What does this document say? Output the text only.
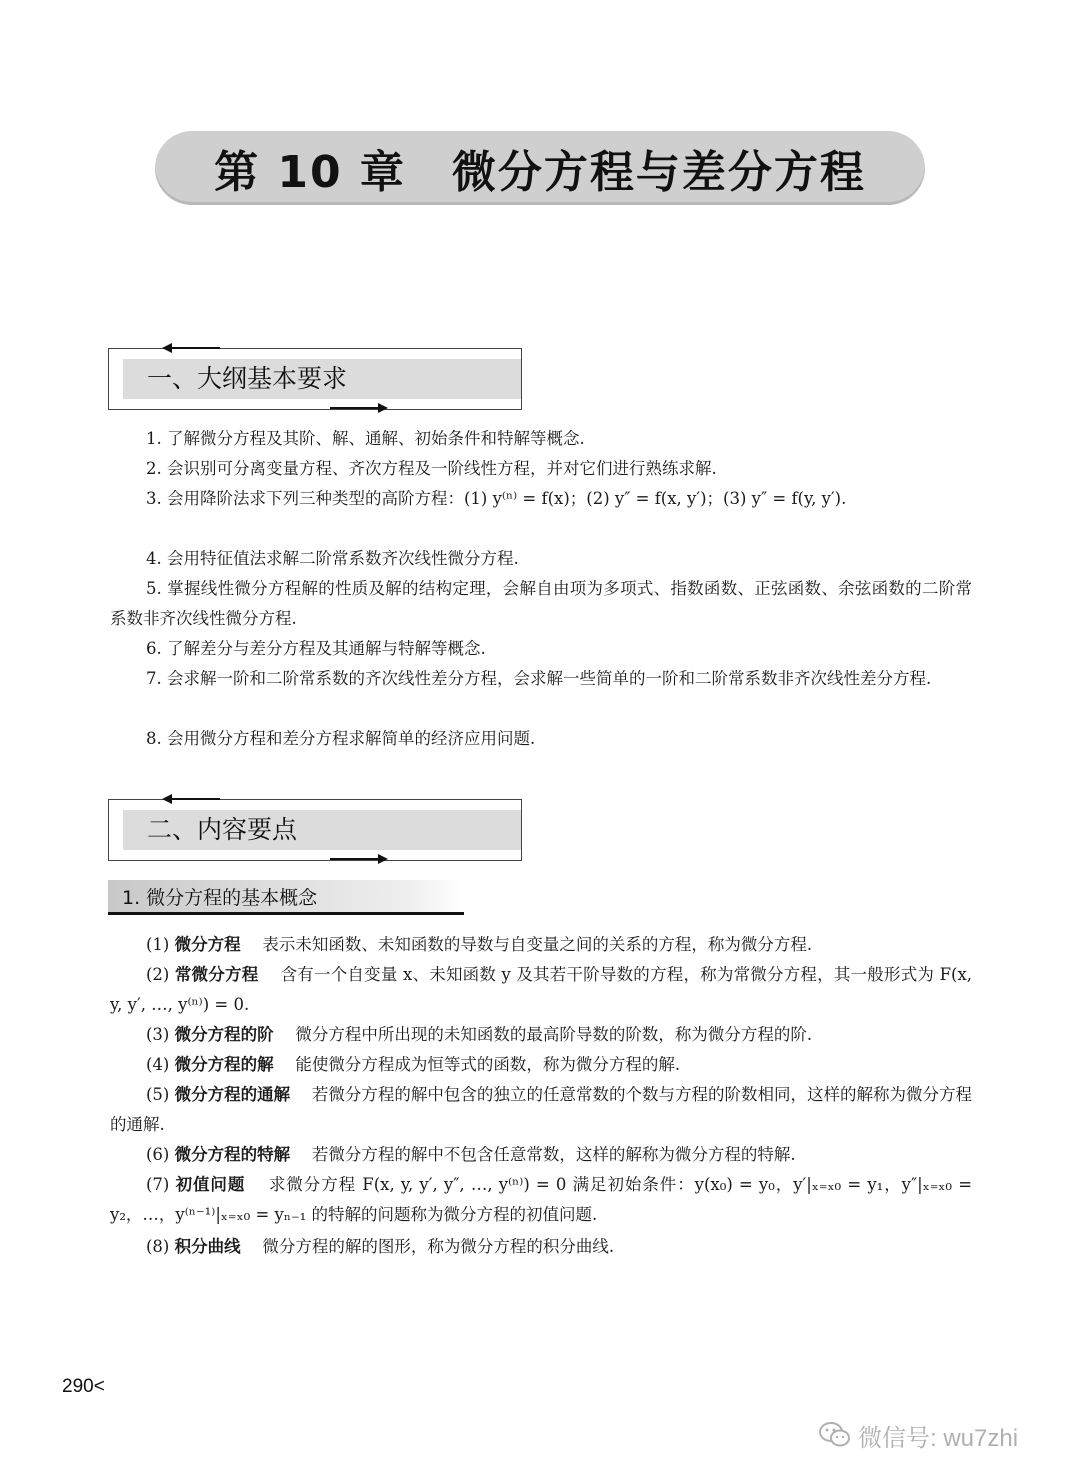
第 10 章　微分方程与差分方程
一、大纲基本要求
1. 了解微分方程及其阶、解、通解、初始条件和特解等概念.
2. 会识别可分离变量方程、齐次方程及一阶线性方程，并对它们进行熟练求解.
3. 会用降阶法求下列三种类型的高阶方程：(1) y⁽ⁿ⁾ = f(x)；(2) y″ = f(x, y′)；(3) y″ = f(y, y′).
4. 会用特征值法求解二阶常系数齐次线性微分方程.
5. 掌握线性微分方程解的性质及解的结构定理，会解自由项为多项式、指数函数、正弦函数、余弦函数的二阶常系数非齐次线性微分方程.
6. 了解差分与差分方程及其通解与特解等概念.
7. 会求解一阶和二阶常系数的齐次线性差分方程，会求解一些简单的一阶和二阶常系数非齐次线性差分方程.
8. 会用微分方程和差分方程求解简单的经济应用问题.
二、内容要点
1. 微分方程的基本概念
(1) 微分方程　 表示未知函数、未知函数的导数与自变量之间的关系的方程，称为微分方程.
(2) 常微分方程　 含有一个自变量 x、未知函数 y 及其若干阶导数的方程，称为常微分方程，其一般形式为 F(x, y, y′, …, y⁽ⁿ⁾) = 0.
(3) 微分方程的阶　 微分方程中所出现的未知函数的最高阶导数的阶数，称为微分方程的阶.
(4) 微分方程的解　 能使微分方程成为恒等式的函数，称为微分方程的解.
(5) 微分方程的通解　 若微分方程的解中包含的独立的任意常数的个数与方程的阶数相同，这样的解称为微分方程的通解.
(6) 微分方程的特解　 若微分方程的解中不包含任意常数，这样的解称为微分方程的特解.
(7) 初值问题　 求微分方程 F(x, y, y′, y″, …, y⁽ⁿ⁾) = 0 满足初始条件：y(x₀) = y₀，y′|ₓ₌ₓ₀ = y₁，y″|ₓ₌ₓ₀ = y₂，…，y⁽ⁿ⁻¹⁾|ₓ₌ₓ₀ = yₙ₋₁ 的特解的问题称为微分方程的初值问题.
(8) 积分曲线　 微分方程的解的图形，称为微分方程的积分曲线.
290<
微信号: wu7zhi
